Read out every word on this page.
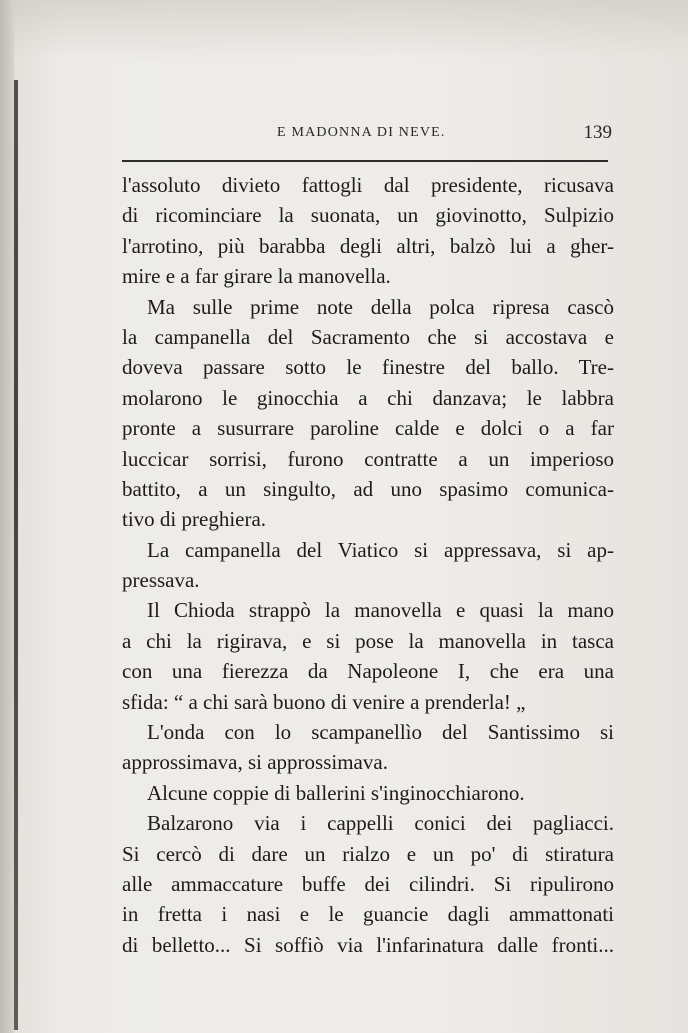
E MADONNA DI NEVE.	139
l'assoluto divieto fattogli dal presidente, ricusava
di ricominciare la suonata, un giovinotto, Sulpizio
l'arrotino, più barabba degli altri, balzò lui a gher-
mire e a far girare la manovella.
Ma sulle prime note della polca ripresa cascò
la campanella del Sacramento che si accostava e
doveva passare sotto le finestre del ballo. Tre-
molarono le ginocchia a chi danzava; le labbra
pronte a susurrare paroline calde e dolci o a far
luccicar sorrisi, furono contratte a un imperioso
battito, a un singulto, ad uno spasimo comunica-
tivo di preghiera.
La campanella del Viatico si appressava, si ap-
pressava.
Il Chioda strappò la manovella e quasi la mano
a chi la rigirava, e si pose la manovella in tasca
con una fierezza da Napoleone I, che era una
sfida: “ a chi sarà buono di venire a prenderla! „
L'onda con lo scampanellìo del Santissimo si
approssimava, si approssimava.
Alcune coppie di ballerini s'inginocchiarono.
Balzarono via i cappelli conici dei pagliacci.
Si cercò di dare un rialzo e un po' di stiratura
alle ammaccature buffe dei cilindri. Si ripulirono
in fretta i nasi e le guancie dagli ammattonati
di belletto... Si soffiò via l'infarinatura dalle fronti...
